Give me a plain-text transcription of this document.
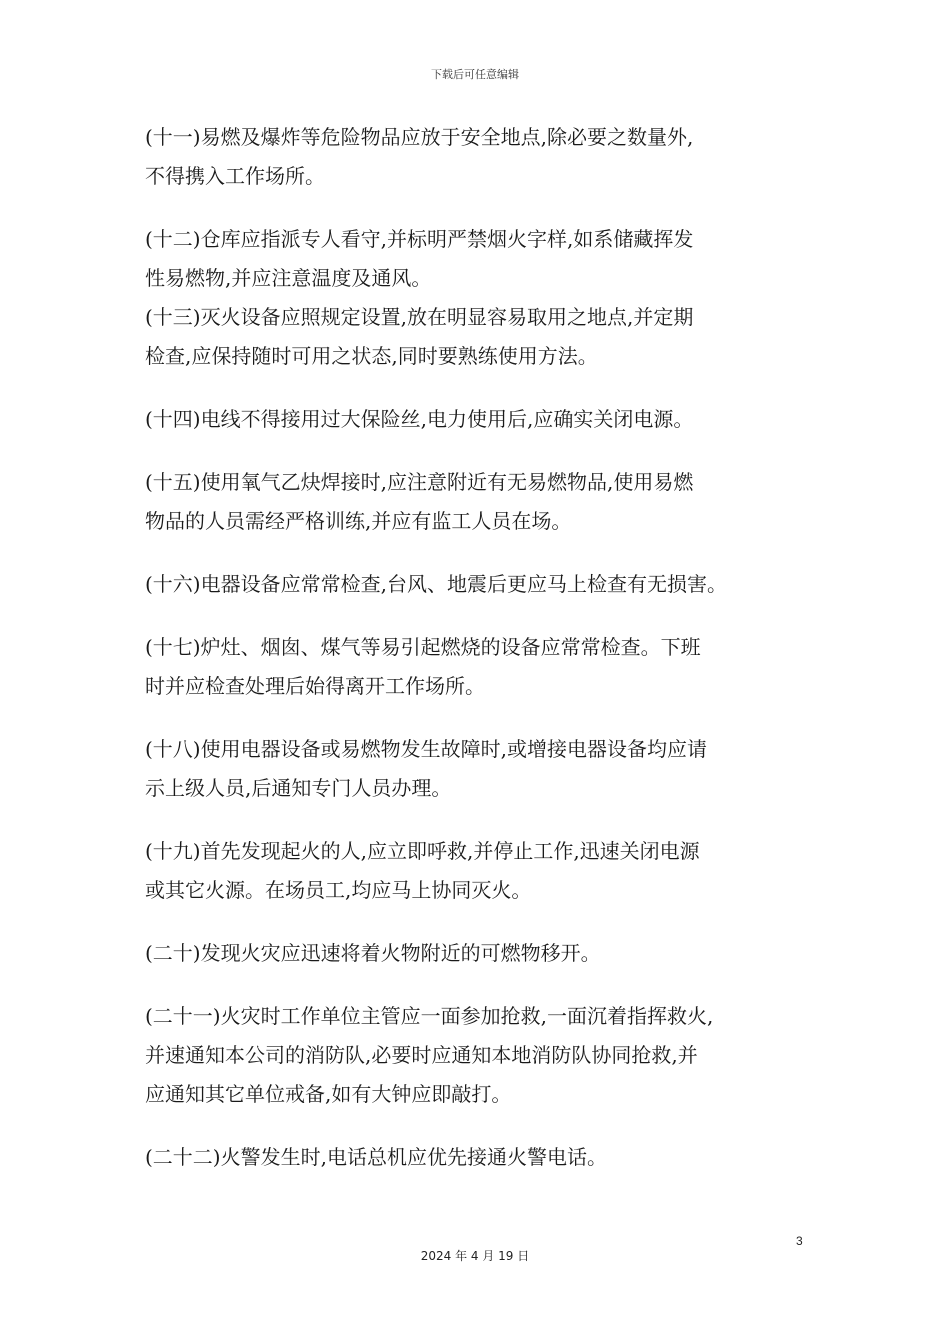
下载后可任意编辑
(十一)易燃及爆炸等危险物品应放于安全地点,除必要之数量外,
不得携入工作场所。
(十二)仓库应指派专人看守,并标明严禁烟火字样,如系储藏挥发
性易燃物,并应注意温度及通风。
(十三)灭火设备应照规定设置,放在明显容易取用之地点,并定期
检查,应保持随时可用之状态,同时要熟练使用方法。
(十四)电线不得接用过大保险丝,电力使用后,应确实关闭电源。
(十五)使用氧气乙炔焊接时,应注意附近有无易燃物品,使用易燃
物品的人员需经严格训练,并应有监工人员在场。
(十六)电器设备应常常检查,台风、地震后更应马上检查有无损害。
(十七)炉灶、烟囱、煤气等易引起燃烧的设备应常常检查。下班
时并应检查处理后始得离开工作场所。
(十八)使用电器设备或易燃物发生故障时,或增接电器设备均应请
示上级人员,后通知专门人员办理。
(十九)首先发现起火的人,应立即呼救,并停止工作,迅速关闭电源
或其它火源。在场员工,均应马上协同灭火。
(二十)发现火灾应迅速将着火物附近的可燃物移开。
(二十一)火灾时工作单位主管应一面参加抢救,一面沉着指挥救火,
并速通知本公司的消防队,必要时应通知本地消防队协同抢救,并
应通知其它单位戒备,如有大钟应即敲打。
(二十二)火警发生时,电话总机应优先接通火警电话。
3
2024 年 4 月 19 日
